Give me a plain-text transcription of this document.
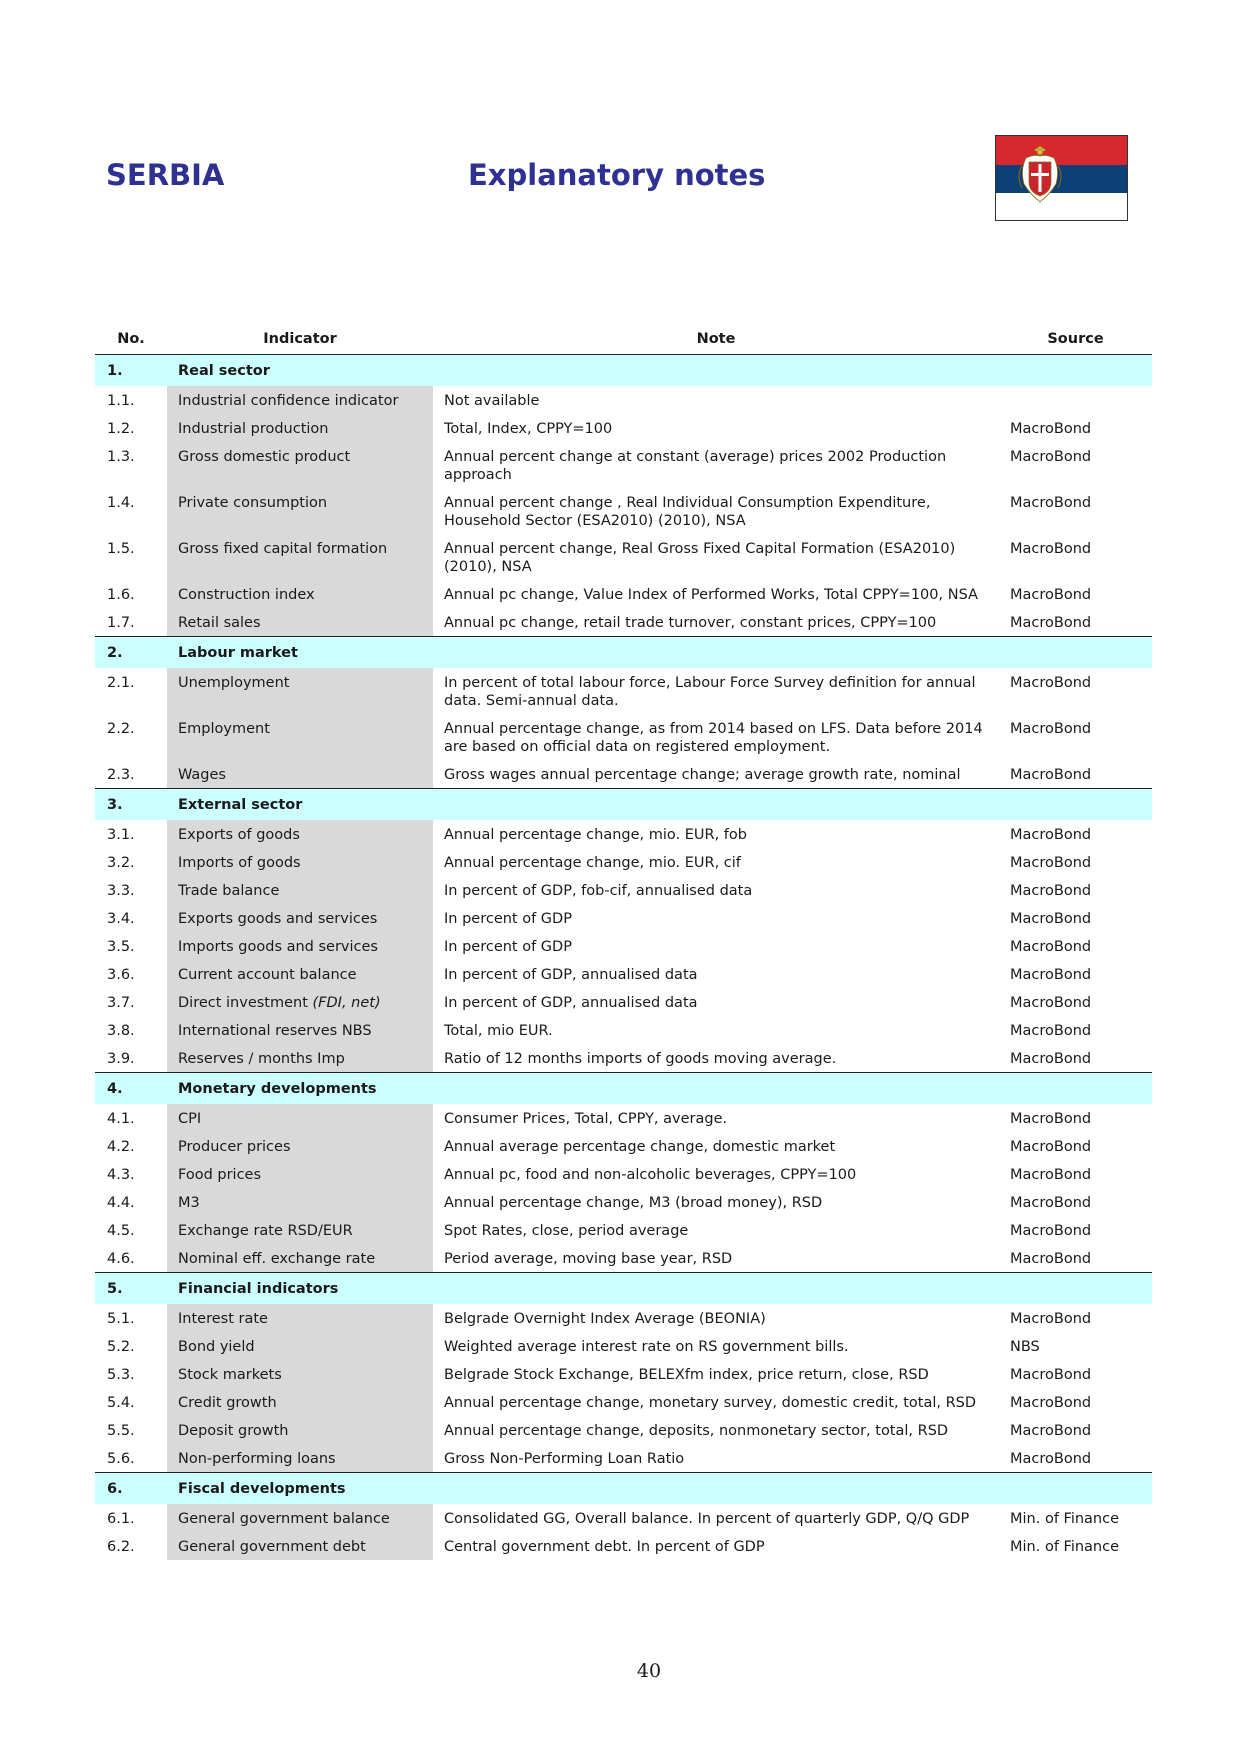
SERBIA	Explanatory notes
No.	Indicator	Note	Source
1.	Real sector		
1.1.	Industrial confidence indicator	Not available	
1.2.	Industrial production	Total, Index, CPPY=100	MacroBond
1.3.	Gross domestic product	Annual percent change at constant (average) prices 2002 Production approach	MacroBond
1.4.	Private consumption	Annual percent change , Real Individual Consumption Expenditure, Household Sector (ESA2010) (2010), NSA	MacroBond
1.5.	Gross fixed capital formation	Annual percent change, Real Gross Fixed Capital Formation (ESA2010) (2010), NSA	MacroBond
1.6.	Construction index	Annual pc change, Value Index of Performed Works, Total CPPY=100, NSA	MacroBond
1.7.	Retail sales	Annual pc change, retail trade turnover, constant prices, CPPY=100	MacroBond
2.	Labour market		
2.1.	Unemployment	In percent of total labour force, Labour Force Survey definition for annual data. Semi-annual data.	MacroBond
2.2.	Employment	Annual percentage change, as from 2014 based on LFS. Data before 2014 are based on official data on registered employment.	MacroBond
2.3.	Wages	Gross wages annual percentage change; average growth rate, nominal	MacroBond
3.	External sector		
3.1.	Exports of goods	Annual percentage change, mio. EUR, fob	MacroBond
3.2.	Imports of goods	Annual percentage change, mio. EUR, cif	MacroBond
3.3.	Trade balance	In percent of GDP, fob-cif, annualised data	MacroBond
3.4.	Exports goods and services	In percent of GDP	MacroBond
3.5.	Imports goods and services	In percent of GDP	MacroBond
3.6.	Current account balance	In percent of GDP, annualised data	MacroBond
3.7.	Direct investment (FDI, net)	In percent of GDP, annualised data	MacroBond
3.8.	International reserves NBS	Total, mio EUR.	MacroBond
3.9.	Reserves / months Imp	Ratio of 12 months imports of goods moving average.	MacroBond
4.	Monetary developments		
4.1.	CPI	Consumer Prices, Total, CPPY, average.	MacroBond
4.2.	Producer prices	Annual average percentage change, domestic market	MacroBond
4.3.	Food prices	Annual pc, food and non-alcoholic beverages, CPPY=100	MacroBond
4.4.	M3	Annual percentage change, M3 (broad money), RSD	MacroBond
4.5.	Exchange rate RSD/EUR	Spot Rates, close, period average	MacroBond
4.6.	Nominal eff. exchange rate	Period average, moving base year, RSD	MacroBond
5.	Financial indicators		
5.1.	Interest rate	Belgrade Overnight Index Average (BEONIA)	MacroBond
5.2.	Bond yield	Weighted average interest rate on RS government bills.	NBS
5.3.	Stock markets	Belgrade Stock Exchange, BELEXfm index, price return, close, RSD	MacroBond
5.4.	Credit growth	Annual percentage change, monetary survey, domestic credit, total, RSD	MacroBond
5.5.	Deposit growth	Annual percentage change, deposits, nonmonetary sector, total, RSD	MacroBond
5.6.	Non-performing loans	Gross Non-Performing Loan Ratio	MacroBond
6.	Fiscal developments		
6.1.	General government balance	Consolidated GG, Overall balance. In percent of quarterly GDP, Q/Q GDP	Min. of Finance
6.2.	General government debt	Central government debt. In percent of GDP	Min. of Finance
40
